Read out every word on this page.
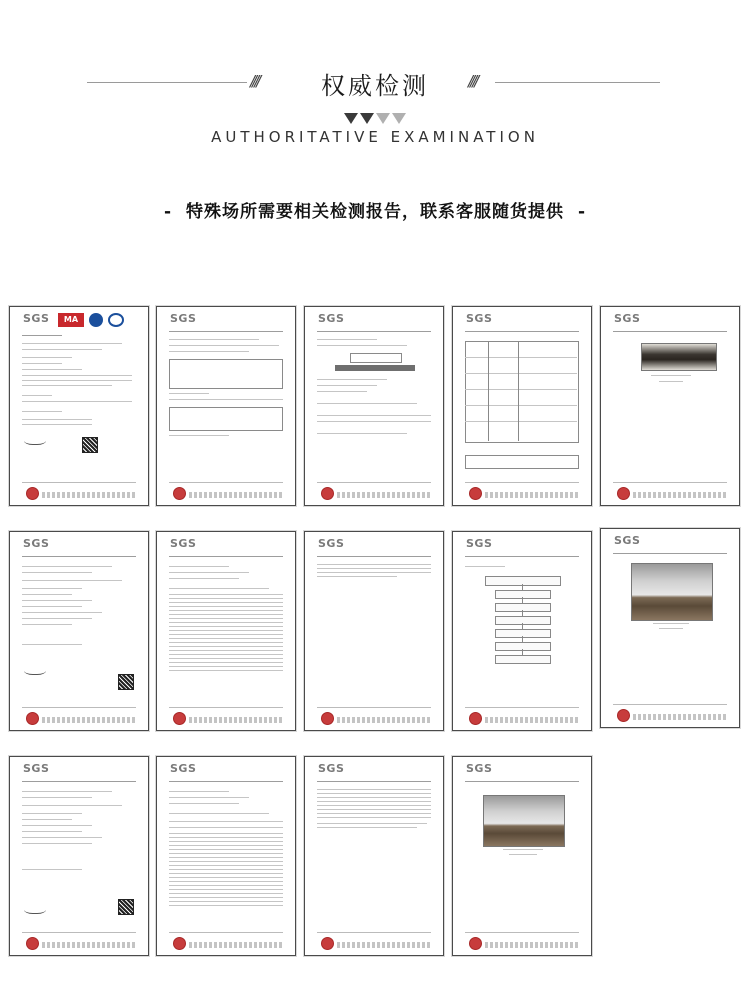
////	权威检测	////
AUTHORITATIVE EXAMINATION
- 特殊场所需要相关检测报告，联系客服随货提供 -
SGS	MA	SGS	SGS	SGS	SGS
SGS	SGS	SGS	SGS	SGS
SGS	SGS	SGS	SGS
